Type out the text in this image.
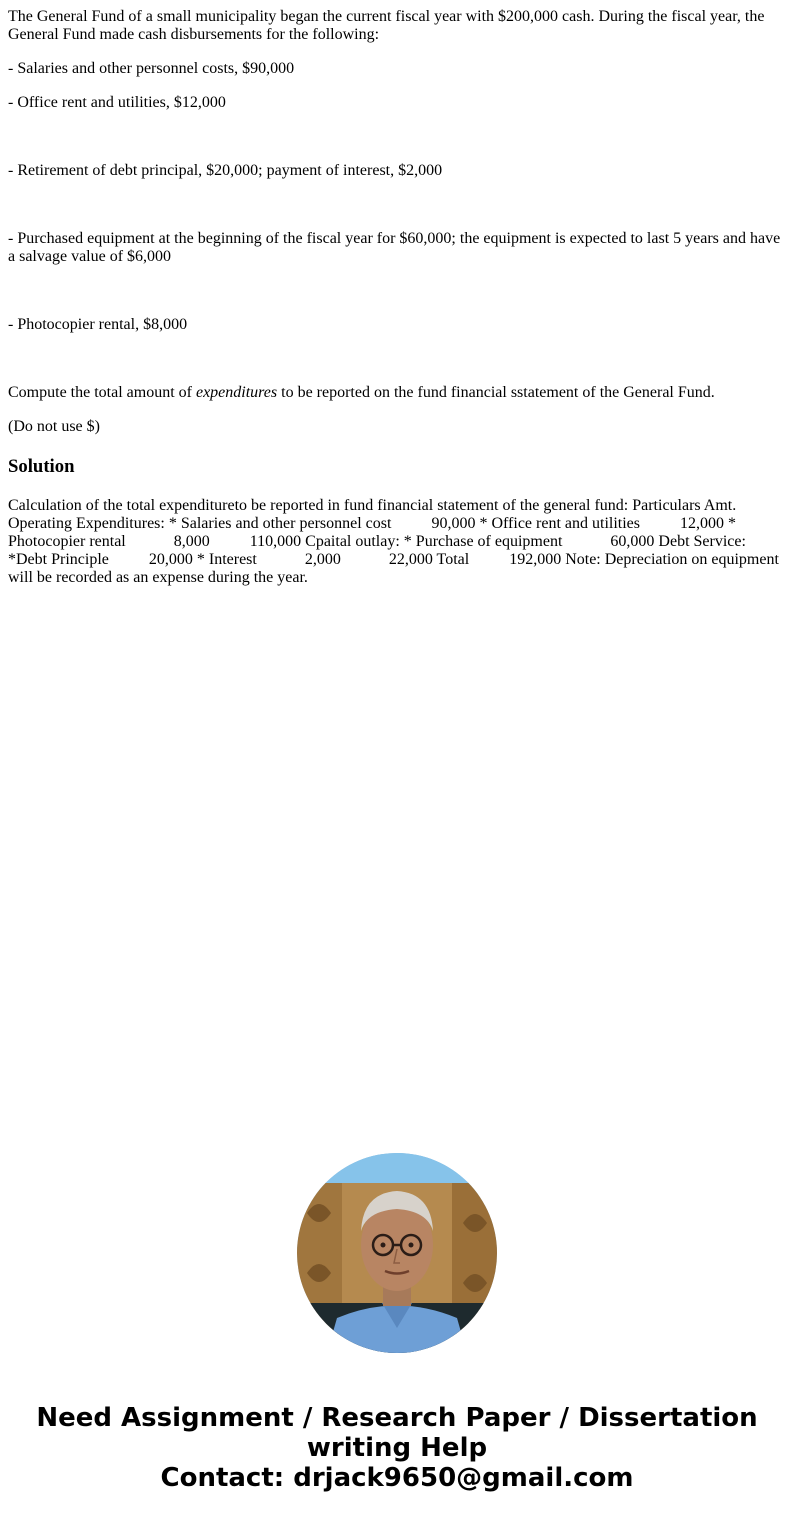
The General Fund of a small municipality began the current fiscal year with $200,000 cash. During the fiscal year, the General Fund made cash disbursements for the following:

- Salaries and other personnel costs, $90,000

- Office rent and utilities, $12,000

- Retirement of debt principal, $20,000; payment of interest, $2,000

- Purchased equipment at the beginning of the fiscal year for $60,000; the equipment is expected to last 5 years and have a salvage value of $6,000

- Photocopier rental, $8,000

Compute the total amount of expenditures to be reported on the fund financial sstatement of the General Fund.

(Do not use $)

Solution

Calculation of the total expenditureto be reported in fund financial statement of the general fund: Particulars Amt. Operating Expenditures: * Salaries and other personnel cost          90,000 * Office rent and utilities          12,000 * Photocopier rental            8,000          110,000 Cpaital outlay: * Purchase of equipment            60,000 Debt Service: *Debt Principle          20,000 * Interest            2,000            22,000 Total          192,000 Note: Depreciation on equipment will be recorded as an expense during the year.

Need Assignment / Research Paper / Dissertation
writing Help
Contact: drjack9650@gmail.com
